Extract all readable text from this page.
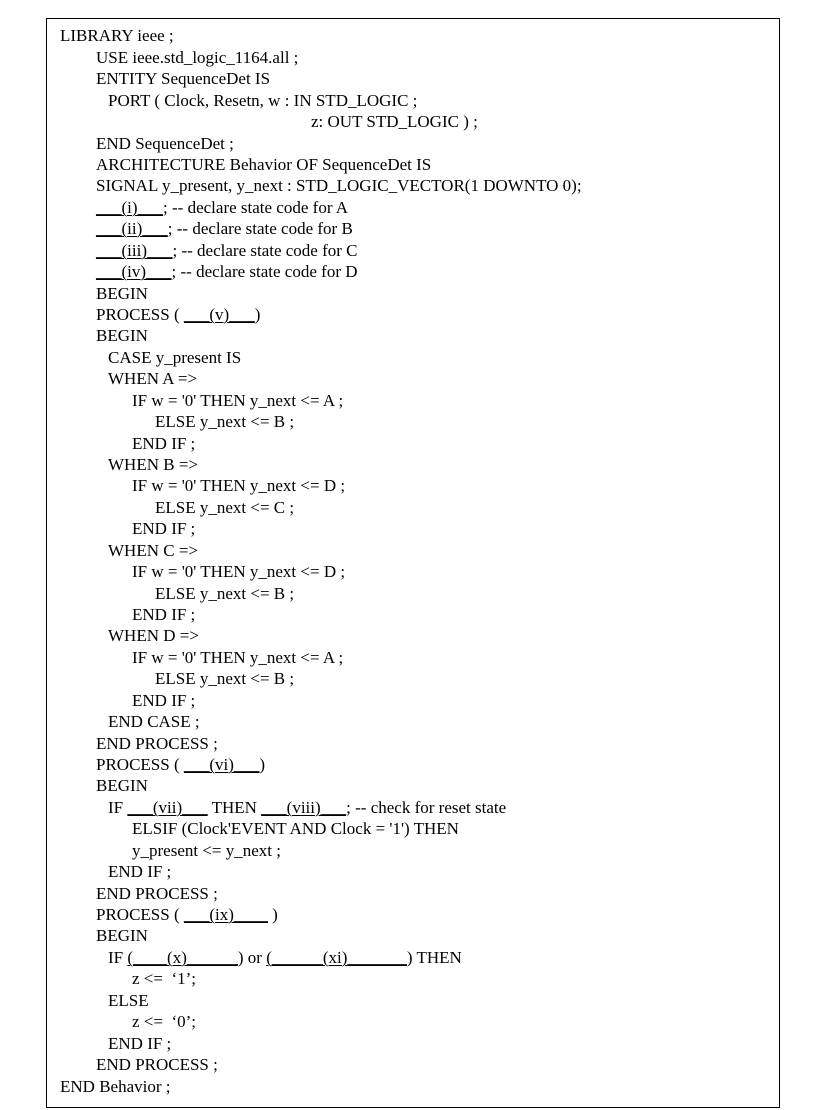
LIBRARY ieee ;
USE ieee.std_logic_1164.all ;
ENTITY SequenceDet IS
PORT ( Clock, Resetn, w : IN STD_LOGIC ;
z: OUT STD_LOGIC ) ;
END SequenceDet ;
ARCHITECTURE Behavior OF SequenceDet IS
SIGNAL y_present, y_next : STD_LOGIC_VECTOR(1 DOWNTO 0);
___(i)___; -- declare state code for A
___(ii)___; -- declare state code for B
___(iii)___; -- declare state code for C
___(iv)___; -- declare state code for D
BEGIN
PROCESS ( ___(v)___)
BEGIN
CASE y_present IS
WHEN A =>
IF w = '0' THEN y_next <= A ;
ELSE y_next <= B ;
END IF ;
WHEN B =>
IF w = '0' THEN y_next <= D ;
ELSE y_next <= C ;
END IF ;
WHEN C =>
IF w = '0' THEN y_next <= D ;
ELSE y_next <= B ;
END IF ;
WHEN D =>
IF w = '0' THEN y_next <= A ;
ELSE y_next <= B ;
END IF ;
END CASE ;
END PROCESS ;
PROCESS ( ___(vi)___)
BEGIN
IF ___(vii)___ THEN ___(viii)___; -- check for reset state
ELSIF (Clock'EVENT AND Clock = '1') THEN
y_present <= y_next ;
END IF ;
END PROCESS ;
PROCESS ( ___(ix)____ )
BEGIN
IF (____(x)______) or (______(xi)_______) THEN
z <=  ‘1’;
ELSE
z <=  ‘0’;
END IF ;
END PROCESS ;
END Behavior ;
